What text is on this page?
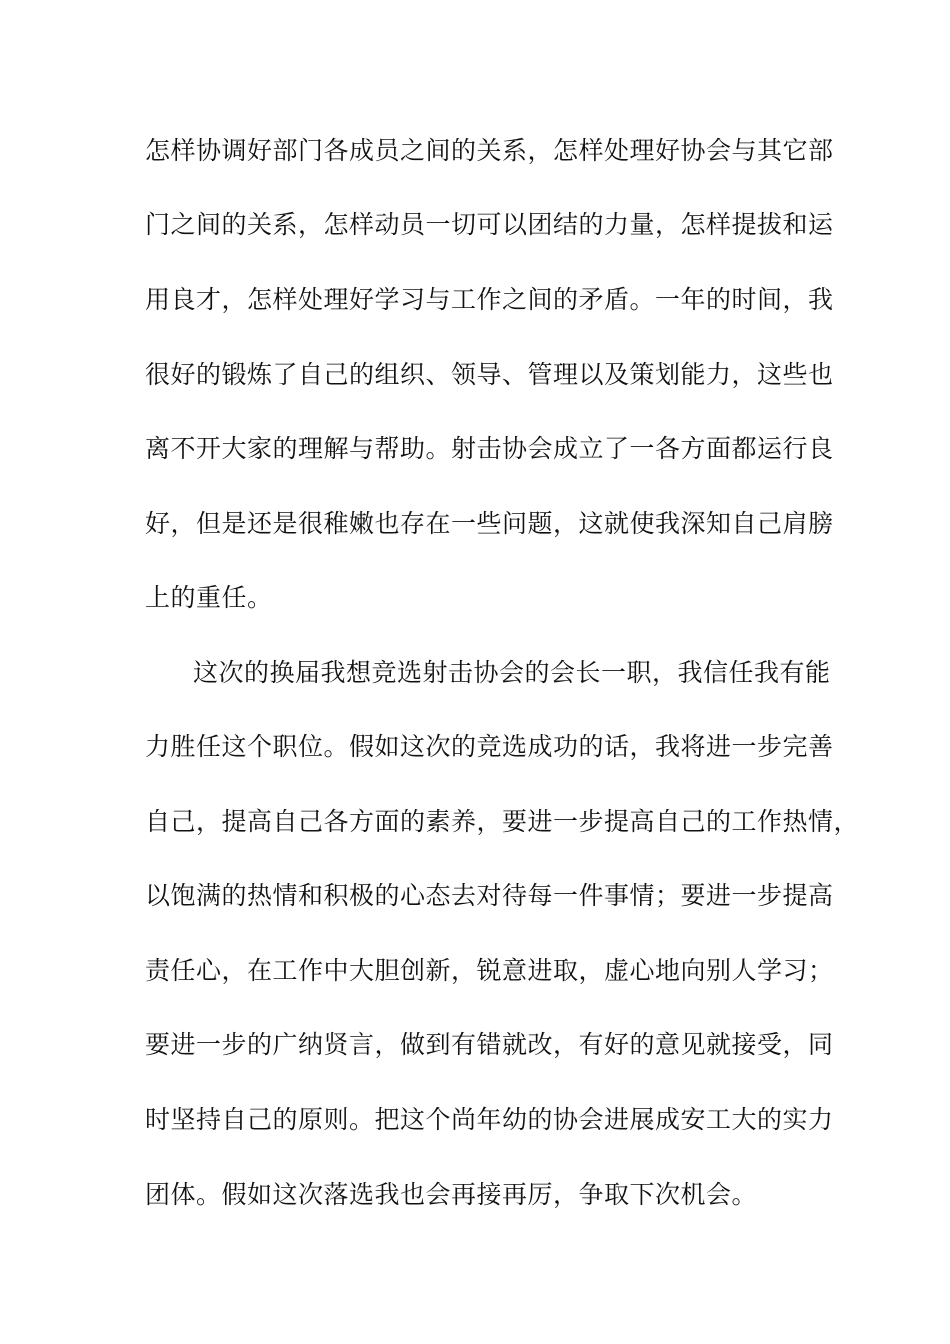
怎样协调好部门各成员之间的关系，怎样处理好协会与其它部
门之间的关系，怎样动员一切可以团结的力量，怎样提拔和运
用良才，怎样处理好学习与工作之间的矛盾。一年的时间，我
很好的锻炼了自己的组织、领导、管理以及策划能力，这些也
离不开大家的理解与帮助。射击协会成立了一各方面都运行良
好，但是还是很稚嫩也存在一些问题，这就使我深知自己肩膀
上的重任。
这次的换届我想竞选射击协会的会长一职，我信任我有能
力胜任这个职位。假如这次的竞选成功的话，我将进一步完善
自己，提高自己各方面的素养，要进一步提高自己的工作热情，
以饱满的热情和积极的心态去对待每一件事情；要进一步提高
责任心，在工作中大胆创新，锐意进取，虚心地向别人学习；
要进一步的广纳贤言，做到有错就改，有好的意见就接受，同
时坚持自己的原则。把这个尚年幼的协会进展成安工大的实力
团体。假如这次落选我也会再接再厉，争取下次机会。
